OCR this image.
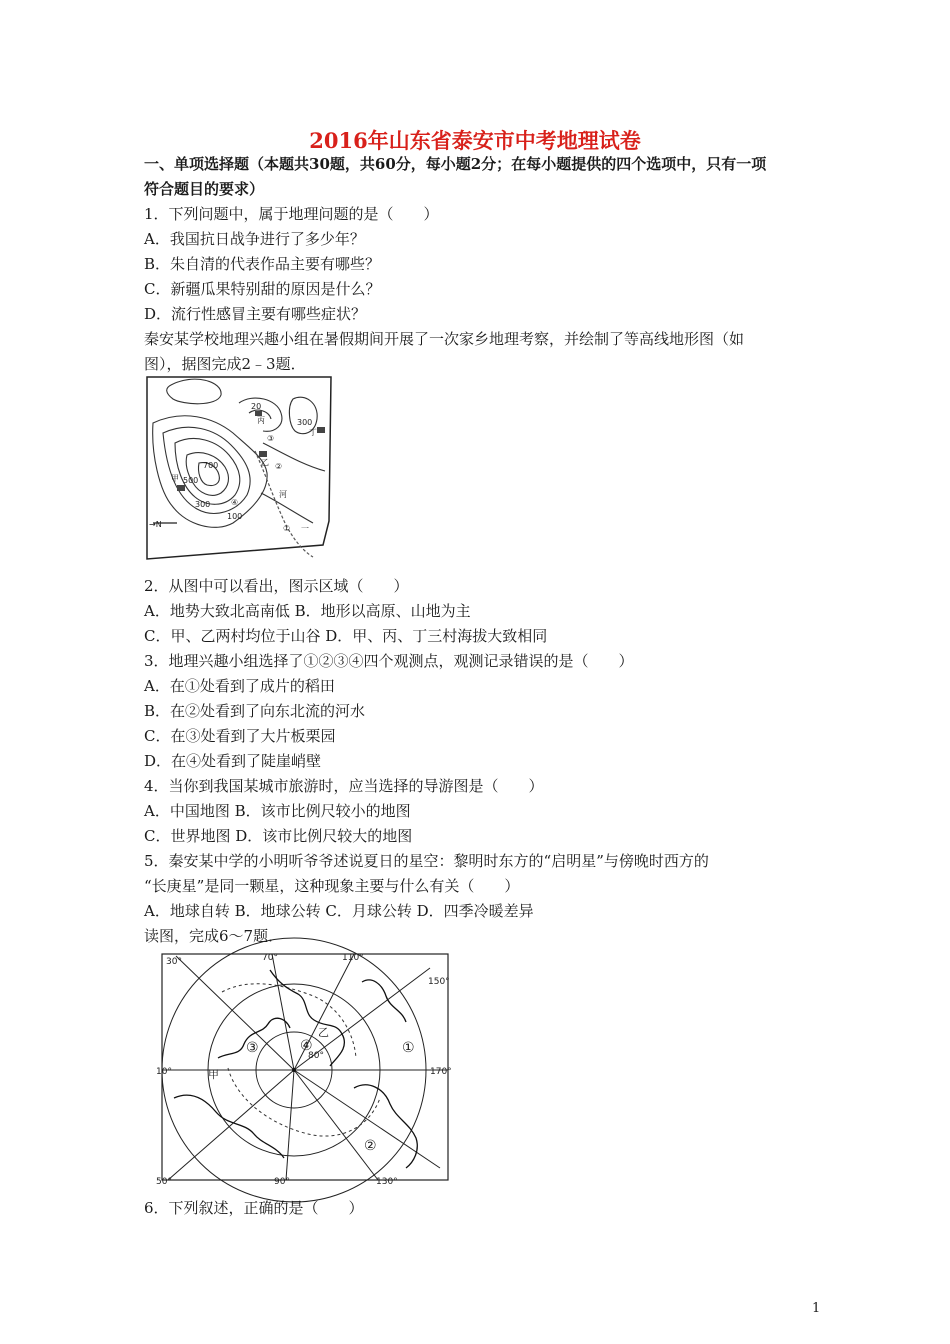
2016年山东省泰安市中考地理试卷
一、单项选择题（本题共30题，共60分，每小题2分；在每小题提供的四个选项中，只有一项
符合题目的要求）
1．下列问题中，属于地理问题的是（　　）
A．我国抗日战争进行了多少年？
B．朱自清的代表作品主要有哪些？
C．新疆瓜果特别甜的原因是什么？
D．流行性感冒主要有哪些症状？
秦安某学校地理兴趣小组在暑假期间开展了一次家乡地理考察，并绘制了等高线地形图（如
图），据图完成2﹣3题．
700
500
300
100
300
20
甲
乙
丙
丁
①
②
③
④
河
→N	一
2．从图中可以看出，图示区域（　　）
A．地势大致北高南低 B．地形以高原、山地为主
C．甲、乙两村均位于山谷 D．甲、丙、丁三村海拔大致相同
3．地理兴趣小组选择了①②③④四个观测点，观测记录错误的是（　　）
A．在①处看到了成片的稻田
B．在②处看到了向东北流的河水
C．在③处看到了大片板栗园
D．在④处看到了陡崖峭壁
4．当你到我国某城市旅游时，应当选择的导游图是（　　）
A．中国地图 B．该市比例尺较小的地图
C．世界地图 D．该市比例尺较大的地图
5．秦安某中学的小明听爷爷述说夏日的星空：黎明时东方的“启明星”与傍晚时西方的
“长庚星”是同一颗星，这种现象主要与什么有关（　　）
A．地球自转 B．地球公转 C．月球公转 D．四季冷暖差异
读图，完成6～7题．
30°	70°	110°
150°
10°	170°
50°	90°	130°
80°	①
②
③	④
甲
乙
6．下列叙述，正确的是（　　）
1
